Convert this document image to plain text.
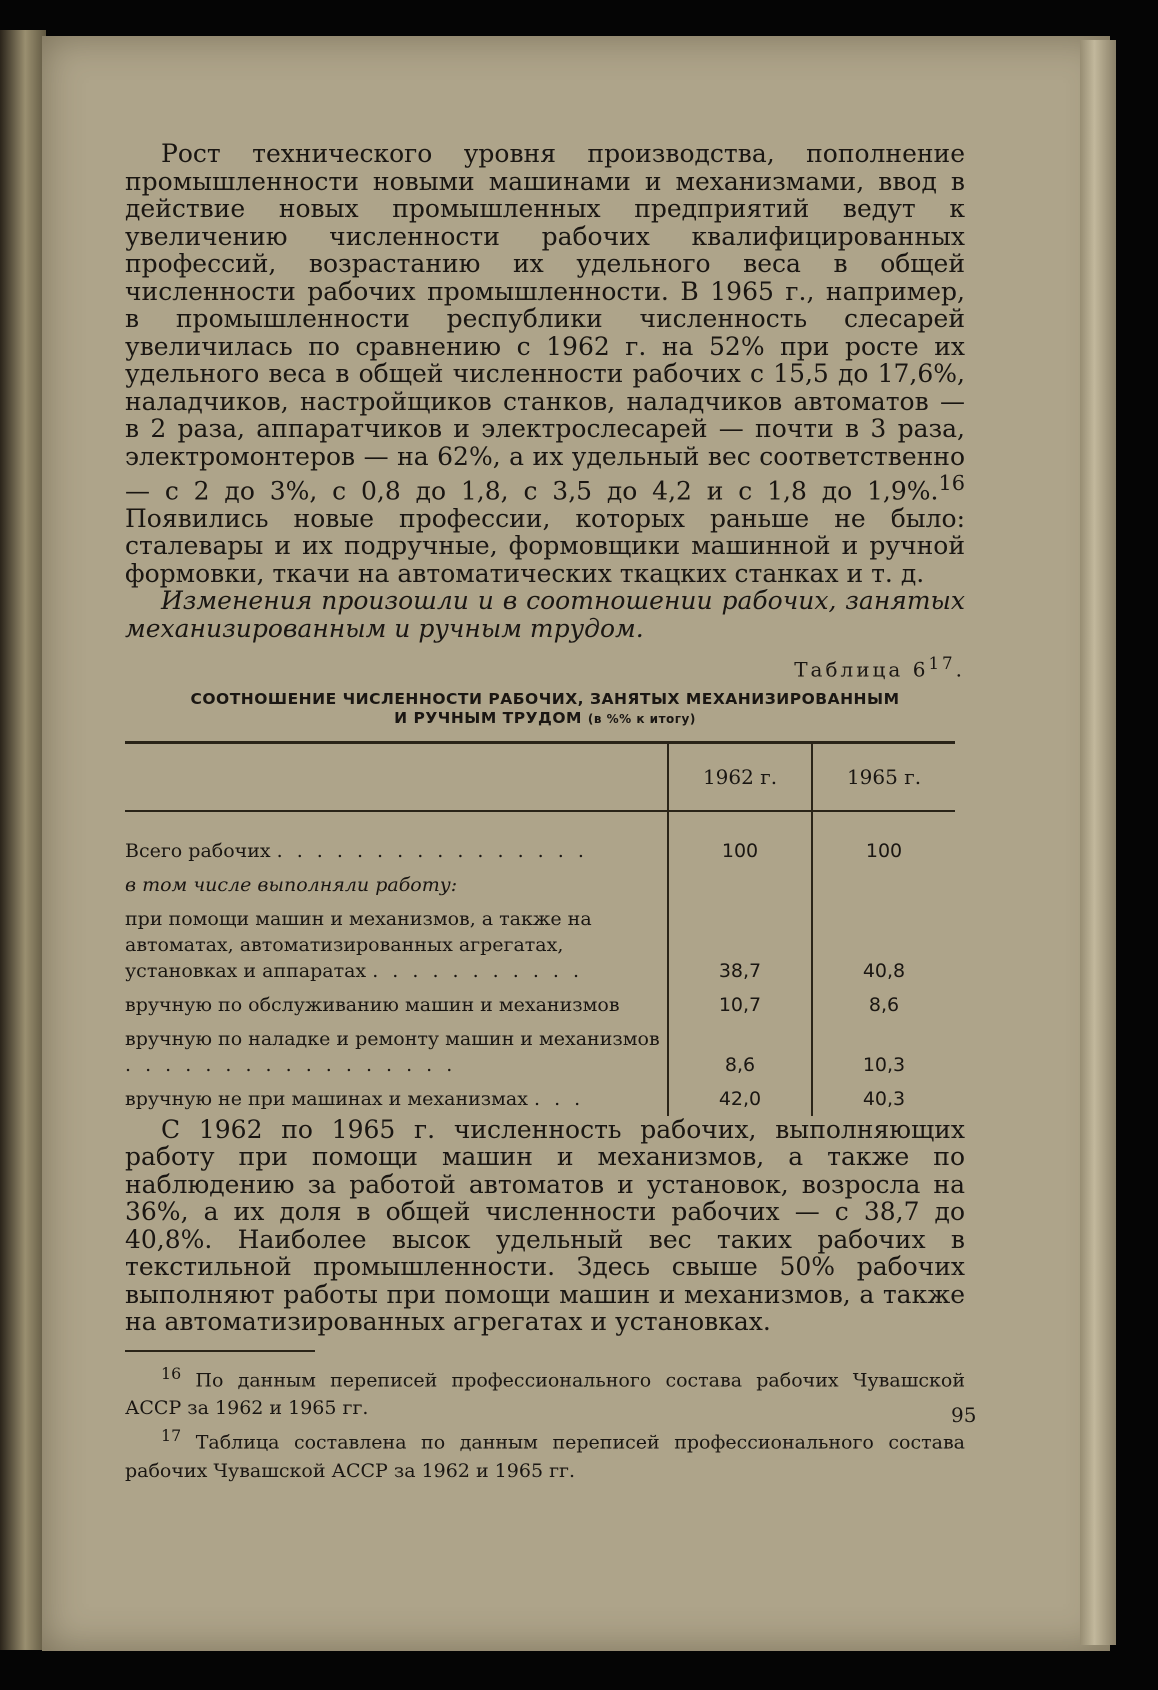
Рост технического уровня производства, пополнение промышленности новыми машинами и механизмами, ввод в действие новых промышленных предприятий ведут к увеличению численности рабочих квалифицированных профессий, возрастанию их удельного веса в общей численности рабочих промышленности. В 1965 г., например, в промышленности республики численность слесарей увеличилась по сравнению с 1962 г. на 52% при росте их удельного веса в общей численности рабочих с 15,5 до 17,6%, наладчиков, настройщиков станков, наладчиков автоматов — в 2 раза, аппаратчиков и электрослесарей — почти в 3 раза, электромонтеров — на 62%, а их удельный вес соответственно — с 2 до 3%, с 0,8 до 1,8, с 3,5 до 4,2 и с 1,8 до 1,9%.$^{16}$ Появились новые профессии, которых раньше не было: сталевары и их подручные, формовщики машинной и ручной формовки, ткачи на автоматических ткацких станках и т. д.

Изменения произошли и в соотношении рабочих, занятых механизированным и ручным трудом.

Таблица $6^{17}$.
СООТНОШЕНИЕ ЧИСЛЕННОСТИ РАБОЧИХ, ЗАНЯТЫХ МЕХАНИЗИРОВАННЫМ
И РУЧНЫМ ТРУДОМ (в %% к итогу)
	1962 г.	1965 г.

Всего рабочих . . . . . . . . . . . . . . . .	100	100
в том числе выполняли работу:		
при помощи машин и механизмов, а также на автоматах, автоматизированных агрегатах, установках и аппаратах . . . . . . . . . . .	38,7	40,8
вручную по обслуживанию машин и механизмов	10,7	8,6
вручную по наладке и ремонту машин и механизмов . . . . . . . . . . . . . . . . .	8,6	10,3
вручную не при машинах и механизмах . . .	42,0	40,3

С 1962 по 1965 г. численность рабочих, выполняющих работу при помощи машин и механизмов, а также по наблюдению за работой автоматов и установок, возросла на 36%, а их доля в общей численности рабочих — с 38,7 до 40,8%. Наиболее высок удельный вес таких рабочих в текстильной промышленности. Здесь свыше 50% рабочих выполняют работы при помощи машин и механизмов, а также на автоматизированных агрегатах и установках.

$^{16}$ По данным переписей профессионального состава рабочих Чувашской АССР за 1962 и 1965 гг.

$^{17}$ Таблица составлена по данным переписей профессионального состава рабочих Чувашской АССР за 1962 и 1965 гг.

95
